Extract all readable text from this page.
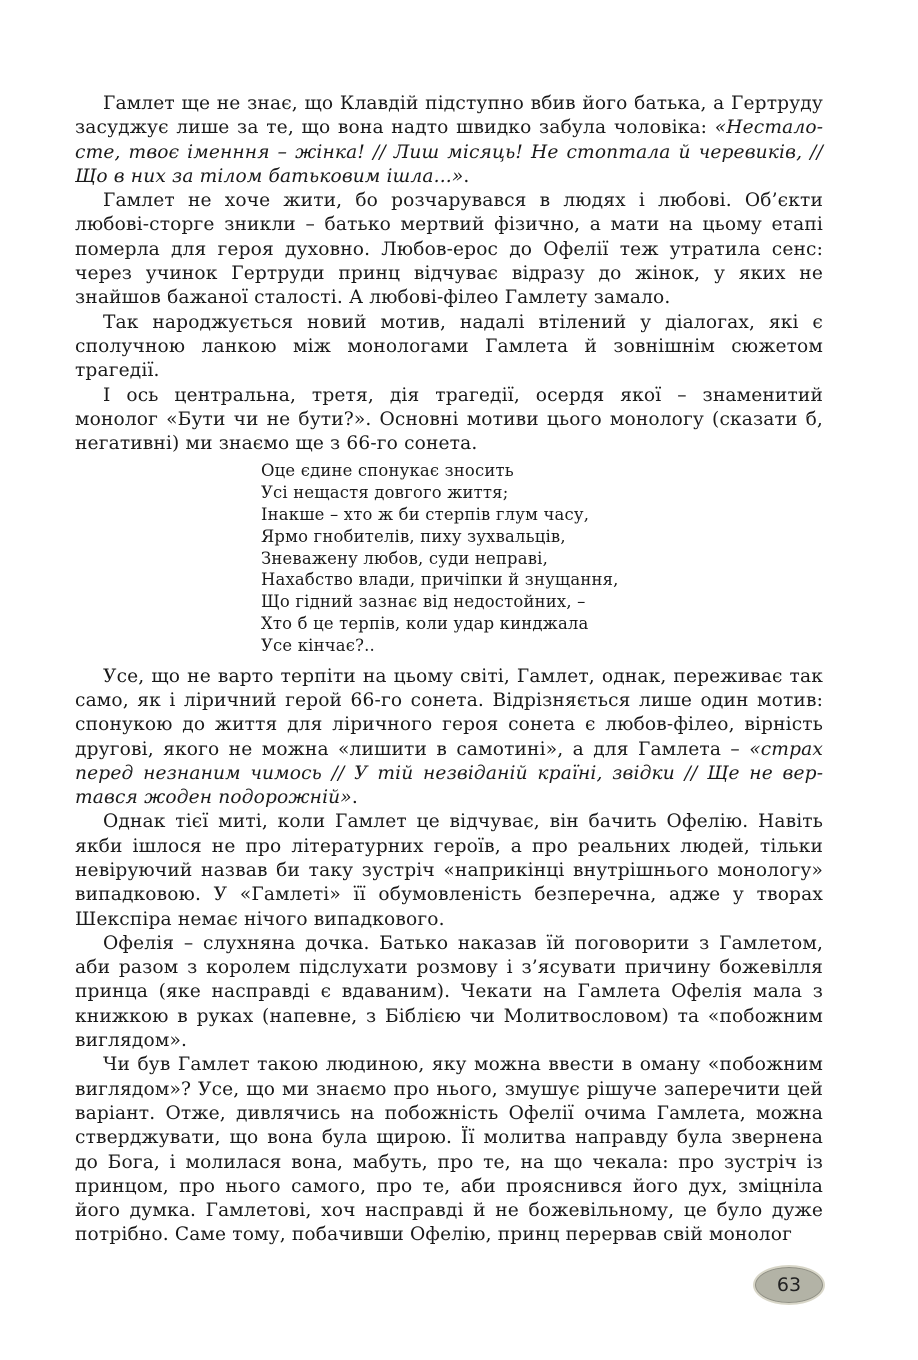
Гамлет ще не знає, що Клавдій підступно вбив його батька, а Гертруду засуджує лише за те, що вона надто швидко забула чоловіка: «Несталосте, твоє іменння – жінка! // Лиш місяць! Не стоптала й черевиків, // Що в них за тілом батьковим ішла...».

Гамлет не хоче жити, бо розчарувався в людях і любові. Об’єкти любові-сторге зникли – батько мертвий фізично, а мати на цьому етапі померла для героя духовно. Любов-ерос до Офелії теж утратила сенс: через учинок Гертруди принц відчуває відразу до жінок, у яких не знайшов бажаної сталості. А любові-філео Гамлету замало.

Так народжується новий мотив, надалі втілений у діалогах, які є сполучною ланкою між монологами Гамлета й зовнішнім сюжетом трагедії.

І ось центральна, третя, дія трагедії, осердя якої – знаменитий монолог «Бути чи не бути?». Основні мотиви цього монологу (сказати б, негативні) ми знаємо ще з 66-го сонета.

Оце єдине спонукає зносить
Усі нещастя довгого життя;
Інакше – хто ж би стерпів глум часу,
Ярмо гнобителів, пиху зухвальців,
Зневажену любов, суди неправі,
Нахабство влади, причіпки й знущання,
Що гідний зазнає від недостойних, –
Хто б це терпів, коли удар кинджала
Усе кінчає?..

Усе, що не варто терпіти на цьому світі, Гамлет, однак, переживає так само, як і ліричний герой 66-го сонета. Відрізняється лише один мотив: спонукою до життя для ліричного героя сонета є любов-філео, вірність другові, якого не можна «лишити в самотині», а для Гамлета – «страх перед незнаним чимось // У тій незвіданій країні, звідки // Ще не вертався жоден подорожній».

Однак тієї миті, коли Гамлет це відчуває, він бачить Офелію. Навіть якби ішлося не про літературних героїв, а про реальних людей, тільки невіруючий назвав би таку зустріч «наприкінці внутрішнього монологу» випадковою. У «Гамлеті» її обумовленість безперечна, адже у творах Шекспіра немає нічого випадкового.

Офелія – слухняна дочка. Батько наказав їй поговорити з Гамлетом, аби разом з королем підслухати розмову і з’ясувати причину божевілля принца (яке насправді є вдаваним). Чекати на Гамлета Офелія мала з книжкою в руках (напевне, з Біблією чи Молитвословом) та «побожним виглядом».

Чи був Гамлет такою людиною, яку можна ввести в оману «побожним виглядом»? Усе, що ми знаємо про нього, змушує рішуче заперечити цей варіант. Отже, дивлячись на побожність Офелії очима Гамлета, можна стверджувати, що вона була щирою. Її молитва направду була звернена до Бога, і молилася вона, мабуть, про те, на що чекала: про зустріч із принцом, про нього самого, про те, аби прояснився його дух, зміцніла його думка. Гамлетові, хоч насправді й не божевільному, це було дуже потрібно. Саме тому, побачивши Офелію, принц перервав свій монолог

63
